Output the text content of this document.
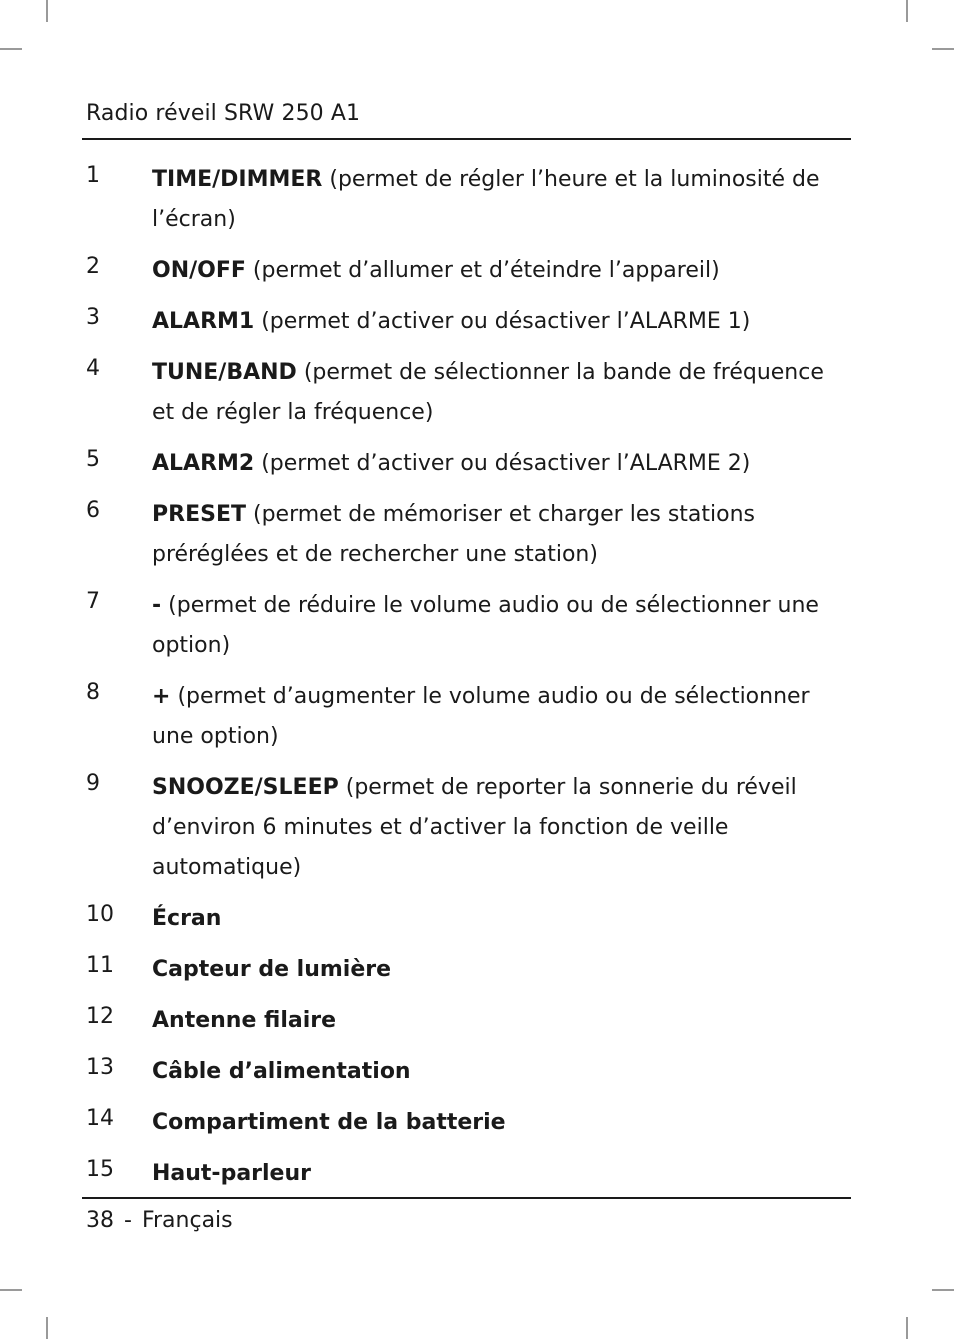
Radio réveil SRW 250 A1
1 TIME/DIMMER (permet de régler l’heure et la luminosité de l’écran)
2 ON/OFF (permet d’allumer et d’éteindre l’appareil)
3 ALARM1 (permet d’activer ou désactiver l’ALARME 1)
4 TUNE/BAND (permet de sélectionner la bande de fréquence et de régler la fréquence)
5 ALARM2 (permet d’activer ou désactiver l’ALARME 2)
6 PRESET (permet de mémoriser et charger les stations préréglées et de rechercher une station)
7 - (permet de réduire le volume audio ou de sélectionner une option)
8 + (permet d’augmenter le volume audio ou de sélectionner une option)
9 SNOOZE/SLEEP (permet de reporter la sonnerie du réveil d’environ 6 minutes et d’activer la fonction de veille automatique)
10 Écran
11 Capteur de lumière
12 Antenne filaire
13 Câble d’alimentation
14 Compartiment de la batterie
15 Haut-parleur
38 - Français
